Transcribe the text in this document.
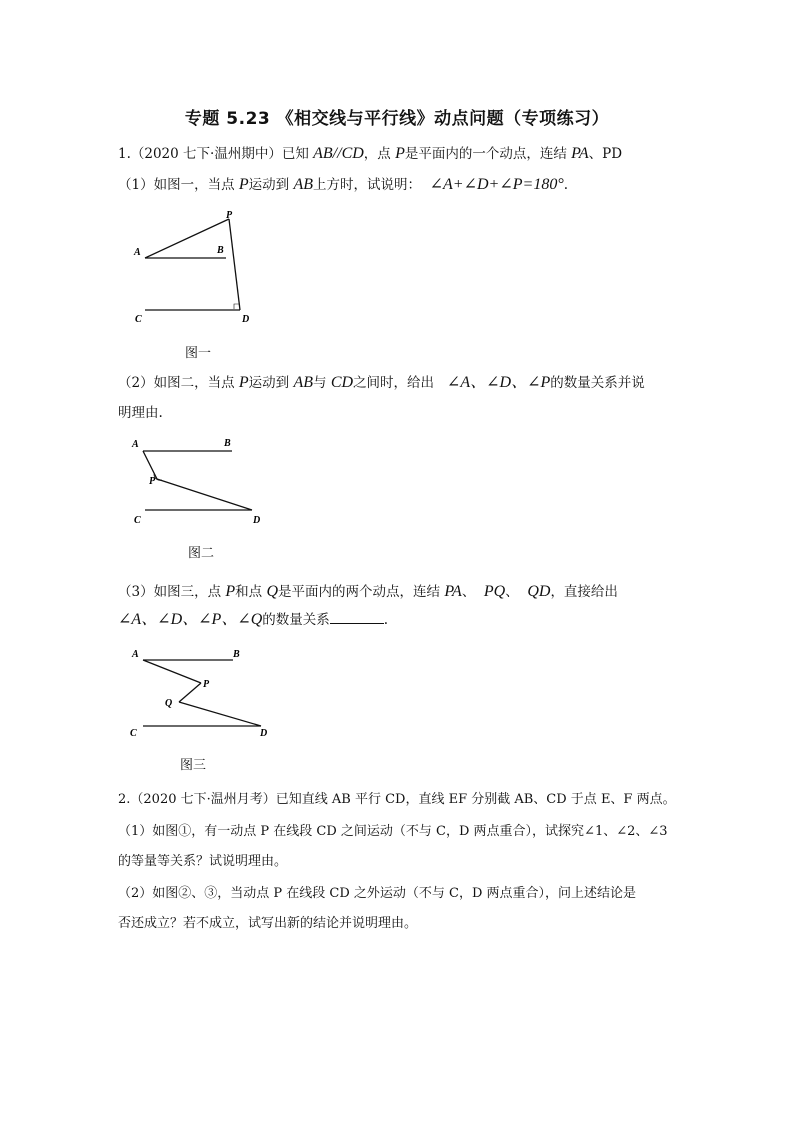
专题 5.23 《相交线与平行线》动点问题（专项练习）
1.（2020 七下·温州期中）已知 AB//CD，点 P是平面内的一个动点，连结 PA、PD
（1）如图一，当点 P运动到 AB上方时，试说明： ∠A+∠D+∠P=180°.
P
A	B
C	D
图一
（2）如图二，当点 P运动到 AB与 CD之间时，给出 ∠A、∠D、∠P的数量关系并说
明理由.
A	B
P
C	D
图二
（3）如图三，点 P和点 Q是平面内的两个动点，连结 PA、 PQ、 QD，直接给出
∠A、∠D、∠P、∠Q的数量关系	.
A	B
P
Q
C	D
图三
2.（2020 七下·温州月考）已知直线 AB 平行 CD，直线 EF 分别截 AB、CD 于点 E、F 两点。
（1）如图①，有一动点 P 在线段 CD 之间运动（不与 C，D 两点重合），试探究∠1、∠2、∠3
的等量等关系？试说明理由。
（2）如图②、③，当动点 P 在线段 CD 之外运动（不与 C，D 两点重合），问上述结论是
否还成立？若不成立，试写出新的结论并说明理由。
